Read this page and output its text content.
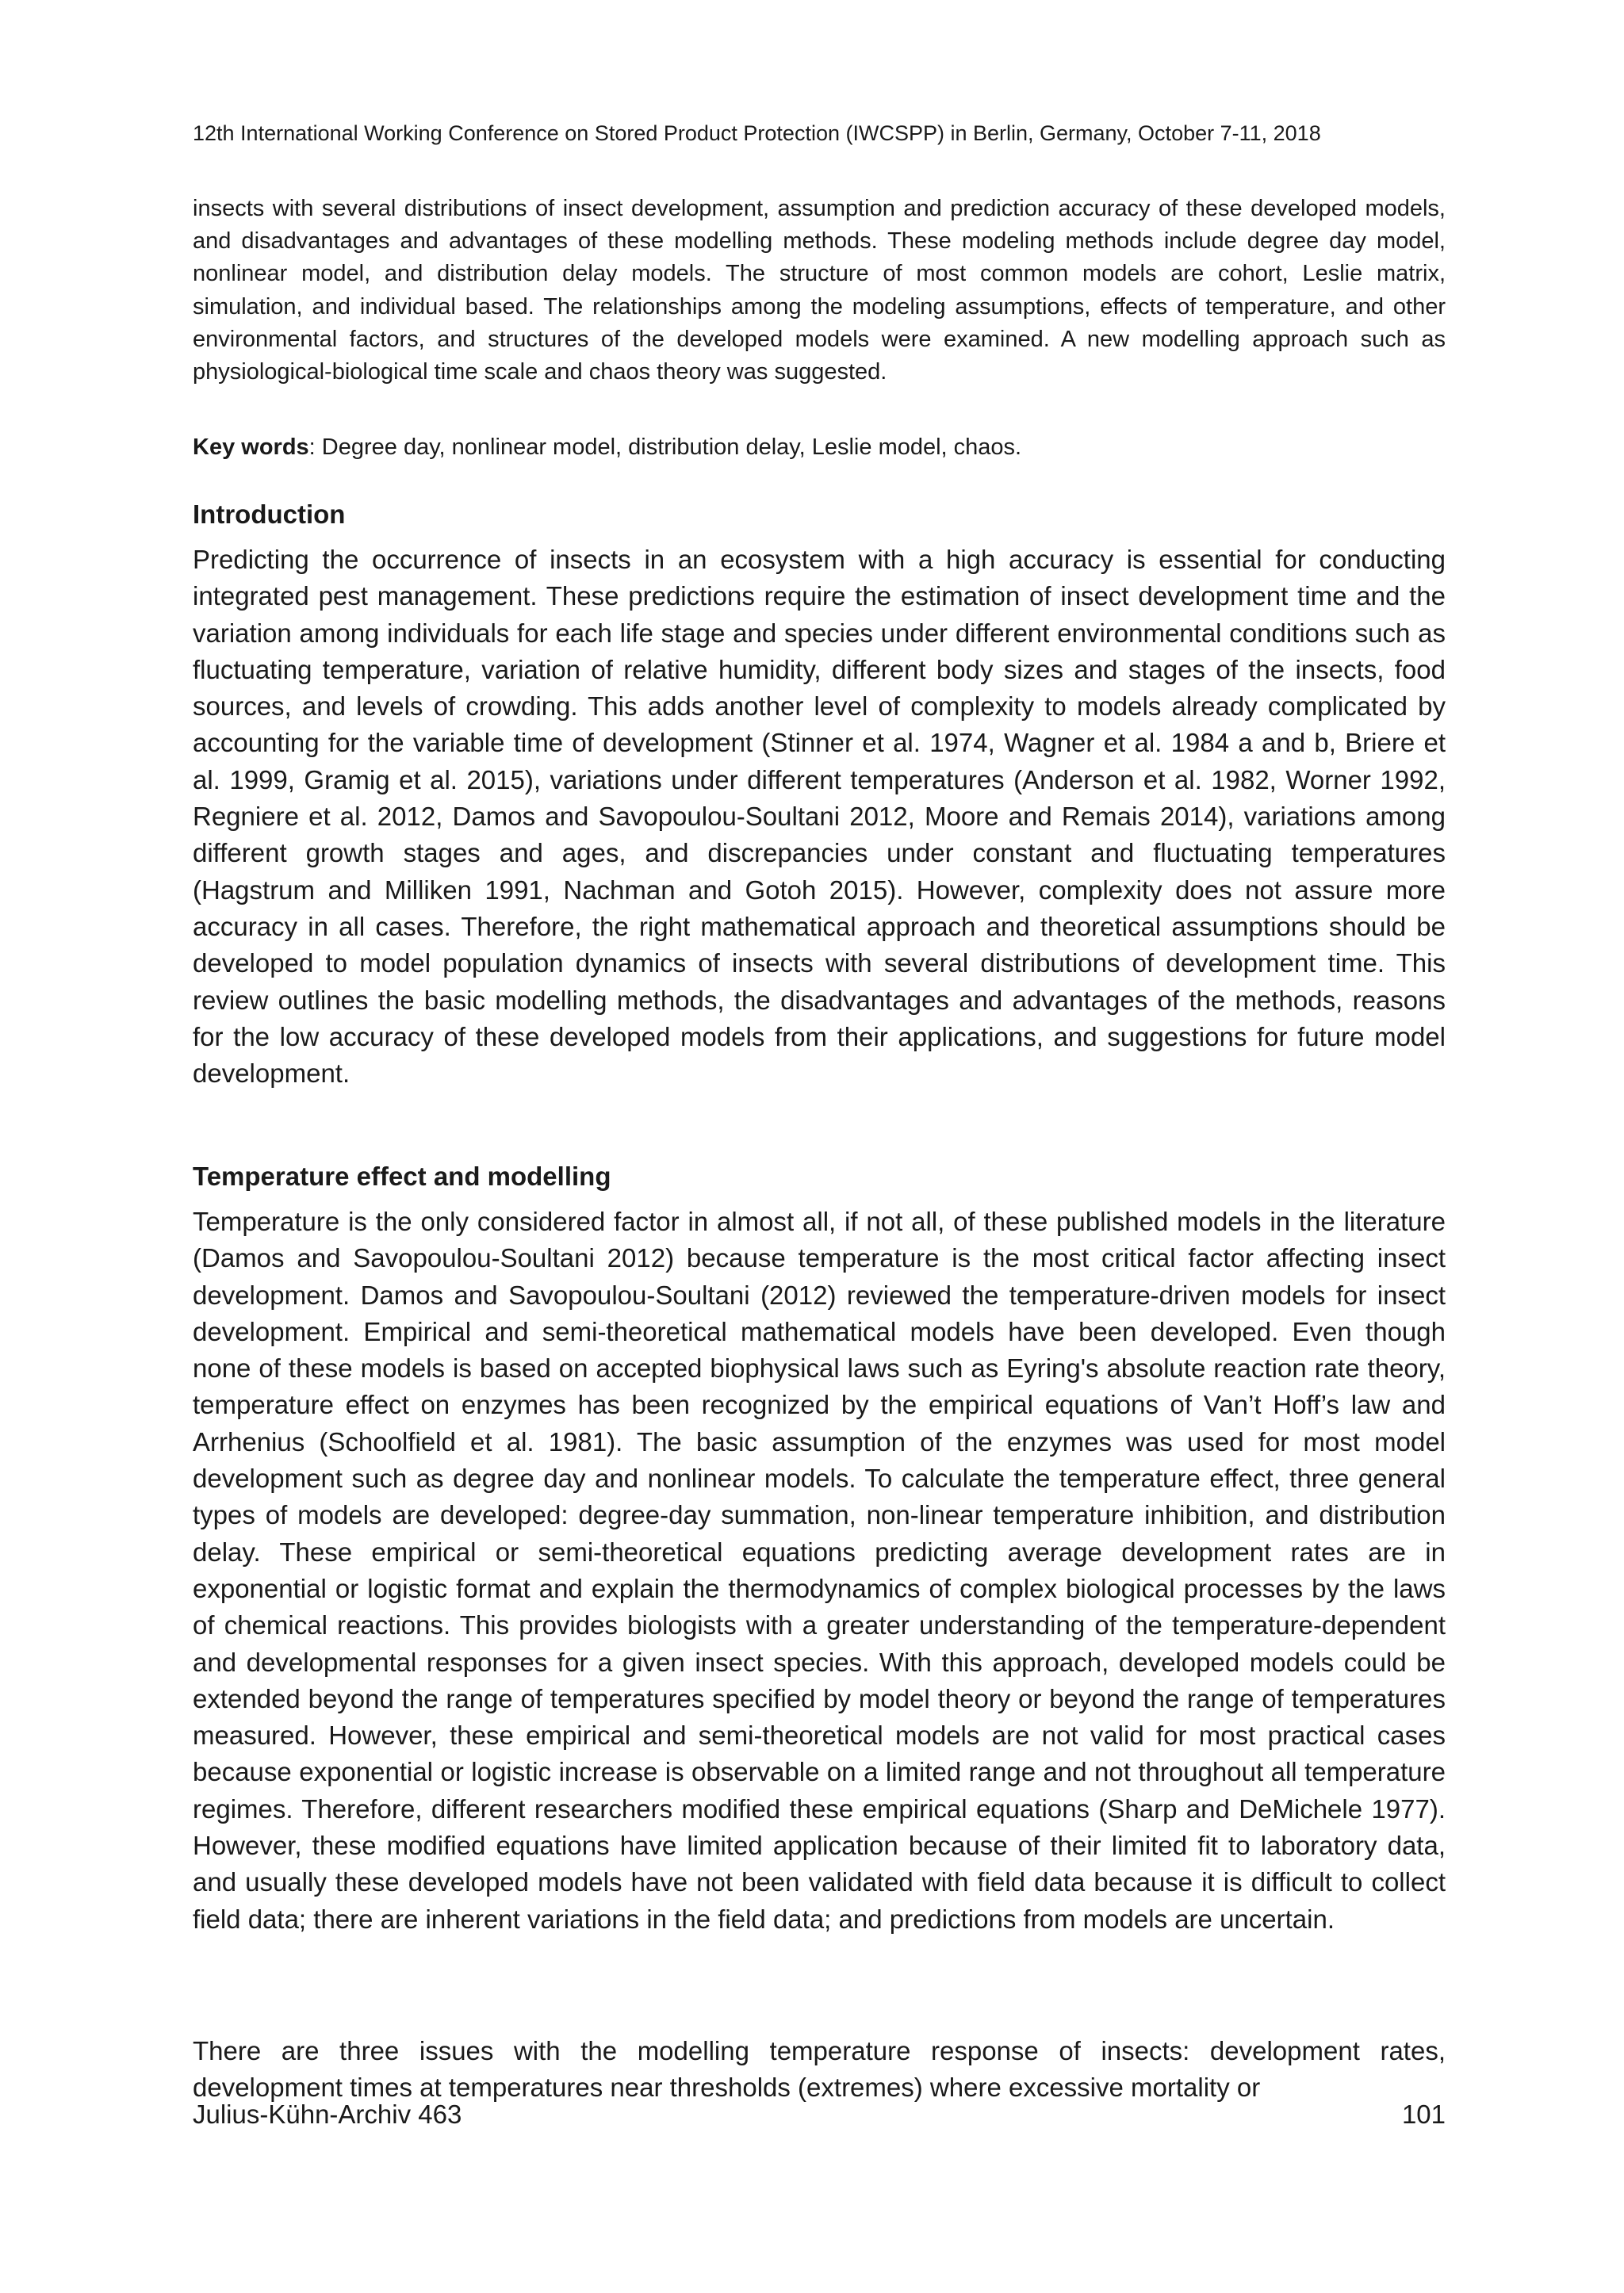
12th International Working Conference on Stored Product Protection (IWCSPP) in Berlin, Germany, October 7-11, 2018

insects with several distributions of insect development, assumption and prediction accuracy of these developed models, and disadvantages and advantages of these modelling methods. These modeling methods include degree day model, nonlinear model, and distribution delay models. The structure of most common models are cohort, Leslie matrix, simulation, and individual based. The relationships among the modeling assumptions, effects of temperature, and other environmental factors, and structures of the developed models were examined. A new modelling approach such as physiological-biological time scale and chaos theory was suggested.

Key words: Degree day, nonlinear model, distribution delay, Leslie model, chaos.

Introduction

Predicting the occurrence of insects in an ecosystem with a high accuracy is essential for conducting integrated pest management. These predictions require the estimation of insect development time and the variation among individuals for each life stage and species under different environmental conditions such as fluctuating temperature, variation of relative humidity, different body sizes and stages of the insects, food sources, and levels of crowding. This adds another level of complexity to models already complicated by accounting for the variable time of development (Stinner et al. 1974, Wagner et al. 1984 a and b, Briere et al. 1999, Gramig et al. 2015), variations under different temperatures (Anderson et al. 1982, Worner 1992, Regniere et al. 2012, Damos and Savopoulou-Soultani 2012, Moore and Remais 2014), variations among different growth stages and ages, and discrepancies under constant and fluctuating temperatures (Hagstrum and Milliken 1991, Nachman and Gotoh 2015). However, complexity does not assure more accuracy in all cases. Therefore, the right mathematical approach and theoretical assumptions should be developed to model population dynamics of insects with several distributions of development time. This review outlines the basic modelling methods, the disadvantages and advantages of the methods, reasons for the low accuracy of these developed models from their applications, and suggestions for future model development.

Temperature effect and modelling

Temperature is the only considered factor in almost all, if not all, of these published models in the literature (Damos and Savopoulou-Soultani 2012) because temperature is the most critical factor affecting insect development. Damos and Savopoulou-Soultani (2012) reviewed the temperature-driven models for insect development. Empirical and semi-theoretical mathematical models have been developed. Even though none of these models is based on accepted biophysical laws such as Eyring's absolute reaction rate theory, temperature effect on enzymes has been recognized by the empirical equations of Van’t Hoff’s law and Arrhenius (Schoolfield et al. 1981). The basic assumption of the enzymes was used for most model development such as degree day and nonlinear models. To calculate the temperature effect, three general types of models are developed: degree-day summation, non-linear temperature inhibition, and distribution delay. These empirical or semi-theoretical equations predicting average development rates are in exponential or logistic format and explain the thermodynamics of complex biological processes by the laws of chemical reactions. This provides biologists with a greater understanding of the temperature-dependent and developmental responses for a given insect species. With this approach, developed models could be extended beyond the range of temperatures specified by model theory or beyond the range of temperatures measured. However, these empirical and semi-theoretical models are not valid for most practical cases because exponential or logistic increase is observable on a limited range and not throughout all temperature regimes. Therefore, different researchers modified these empirical equations (Sharp and DeMichele 1977). However, these modified equations have limited application because of their limited fit to laboratory data, and usually these developed models have not been validated with field data because it is difficult to collect field data; there are inherent variations in the field data; and predictions from models are uncertain.

There are three issues with the modelling temperature response of insects: development rates, development times at temperatures near thresholds (extremes) where excessive mortality or

Julius-Kühn-Archiv 463	101
